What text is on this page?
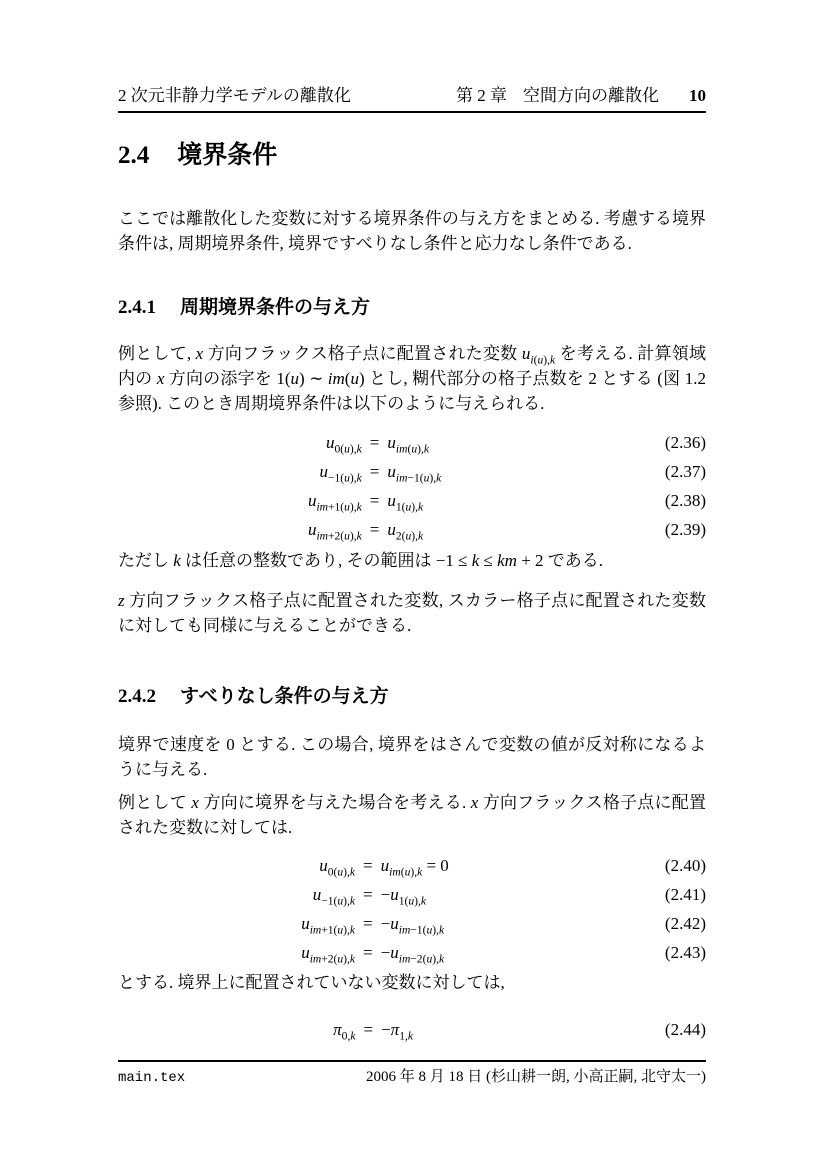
2 次元非静力学モデルの離散化	第 2 章 空間方向の離散化 10
2.4 境界条件

ここでは離散化した変数に対する境界条件の与え方をまとめる. 考慮する境界条件は, 周期境界条件, 境界ですべりなし条件と応力なし条件である.

2.4.1 周期境界条件の与え方

例として, x 方向フラックス格子点に配置された変数 $u_{i(u),k}$ を考える. 計算領域内の x 方向の添字を 1(u) ∼ im(u) とし, 糊代部分の格子点数を 2 とする (図 1.2 参照). このとき周期境界条件は以下のように与えられる.

$u_{0(u),k} = u_{im(u),k}$	(2.36)
$u_{-1(u),k} = u_{im-1(u),k}$	(2.37)
$u_{im+1(u),k} = u_{1(u),k}$	(2.38)
$u_{im+2(u),k} = u_{2(u),k}$	(2.39)

ただし k は任意の整数であり, その範囲は −1 ≤ k ≤ km + 2 である.

z 方向フラックス格子点に配置された変数, スカラー格子点に配置された変数に対しても同様に与えることができる.

2.4.2 すべりなし条件の与え方

境界で速度を 0 とする. この場合, 境界をはさんで変数の値が反対称になるように与える.

例として x 方向に境界を与えた場合を考える. x 方向フラックス格子点に配置された変数に対しては.

$u_{0(u),k} = u_{im(u),k} = 0$	(2.40)
$u_{-1(u),k} = -u_{1(u),k}$	(2.41)
$u_{im+1(u),k} = -u_{im-1(u),k}$	(2.42)
$u_{im+2(u),k} = -u_{im-2(u),k}$	(2.43)

とする. 境界上に配置されていない変数に対しては,

$\pi_{0,k} = -\pi_{1,k}$	(2.44)
main.tex	2006 年 8 月 18 日 (杉山耕一朗, 小高正嗣, 北守太一)
